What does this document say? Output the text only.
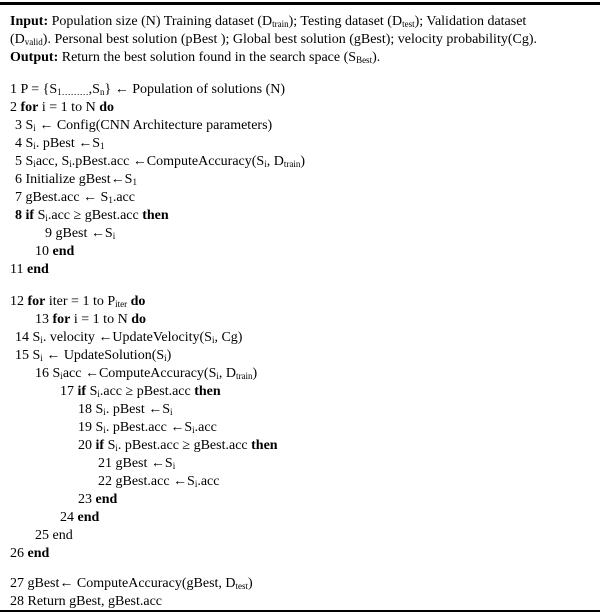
Input: Population size (N) Training dataset $(D_{train})$; Testing dataset $(D_{test})$; Validation dataset
$(D_{valid})$. Personal best solution (pBest ); Global best solution (gBest); velocity probability(Cg).
Output: Return the best solution found in the search space $(S_{Best})$.
1 $P = \{S_{1\dots\dots\dots},S_n\}$ ← Population of solutions (N)
2 for i = 1 to N do
3 $S_i$ ← Config(CNN Architecture parameters)
4 $S_i$. pBest $\leftarrow S_1$
5 $S_iacc$, $S_i.pBest.acc$ $\leftarrow ComputeAccuracy(S_i$, $D_{train}$)
6 Initialize $gBest\leftarrow S_1$
7 gBest.acc ← $S_1.acc$
8 if $S_i.acc$ ≥ gBest.acc then
9 gBest $\leftarrow S_i$
10 end
11 end
12 for iter = 1 to $P_{iter}$ do
13 for i = 1 to N do
14 $S_i$. velocity $\leftarrow UpdateVelocity(S_i$, Cg)
15 $S_i$ ← $UpdateSolution(S_i)$
16 $S_iacc$ $\leftarrow ComputeAccuracy(S_i$, $D_{train}$)
17 if $S_i.acc$ ≥ pBest.acc then
18 $S_i$. pBest $\leftarrow S_i$
19 $S_i$. pBest.acc $\leftarrow S_i.acc$
20 if $S_i$. pBest.acc ≥ gBest.acc then
21 gBest $\leftarrow S_i$
22 gBest.acc $\leftarrow S_i.acc$
23 end
24 end
25 end
26 end
27 gBest← ComputeAccuracy(gBest, $D_{test}$)
28 Return gBest, gBest.acc
